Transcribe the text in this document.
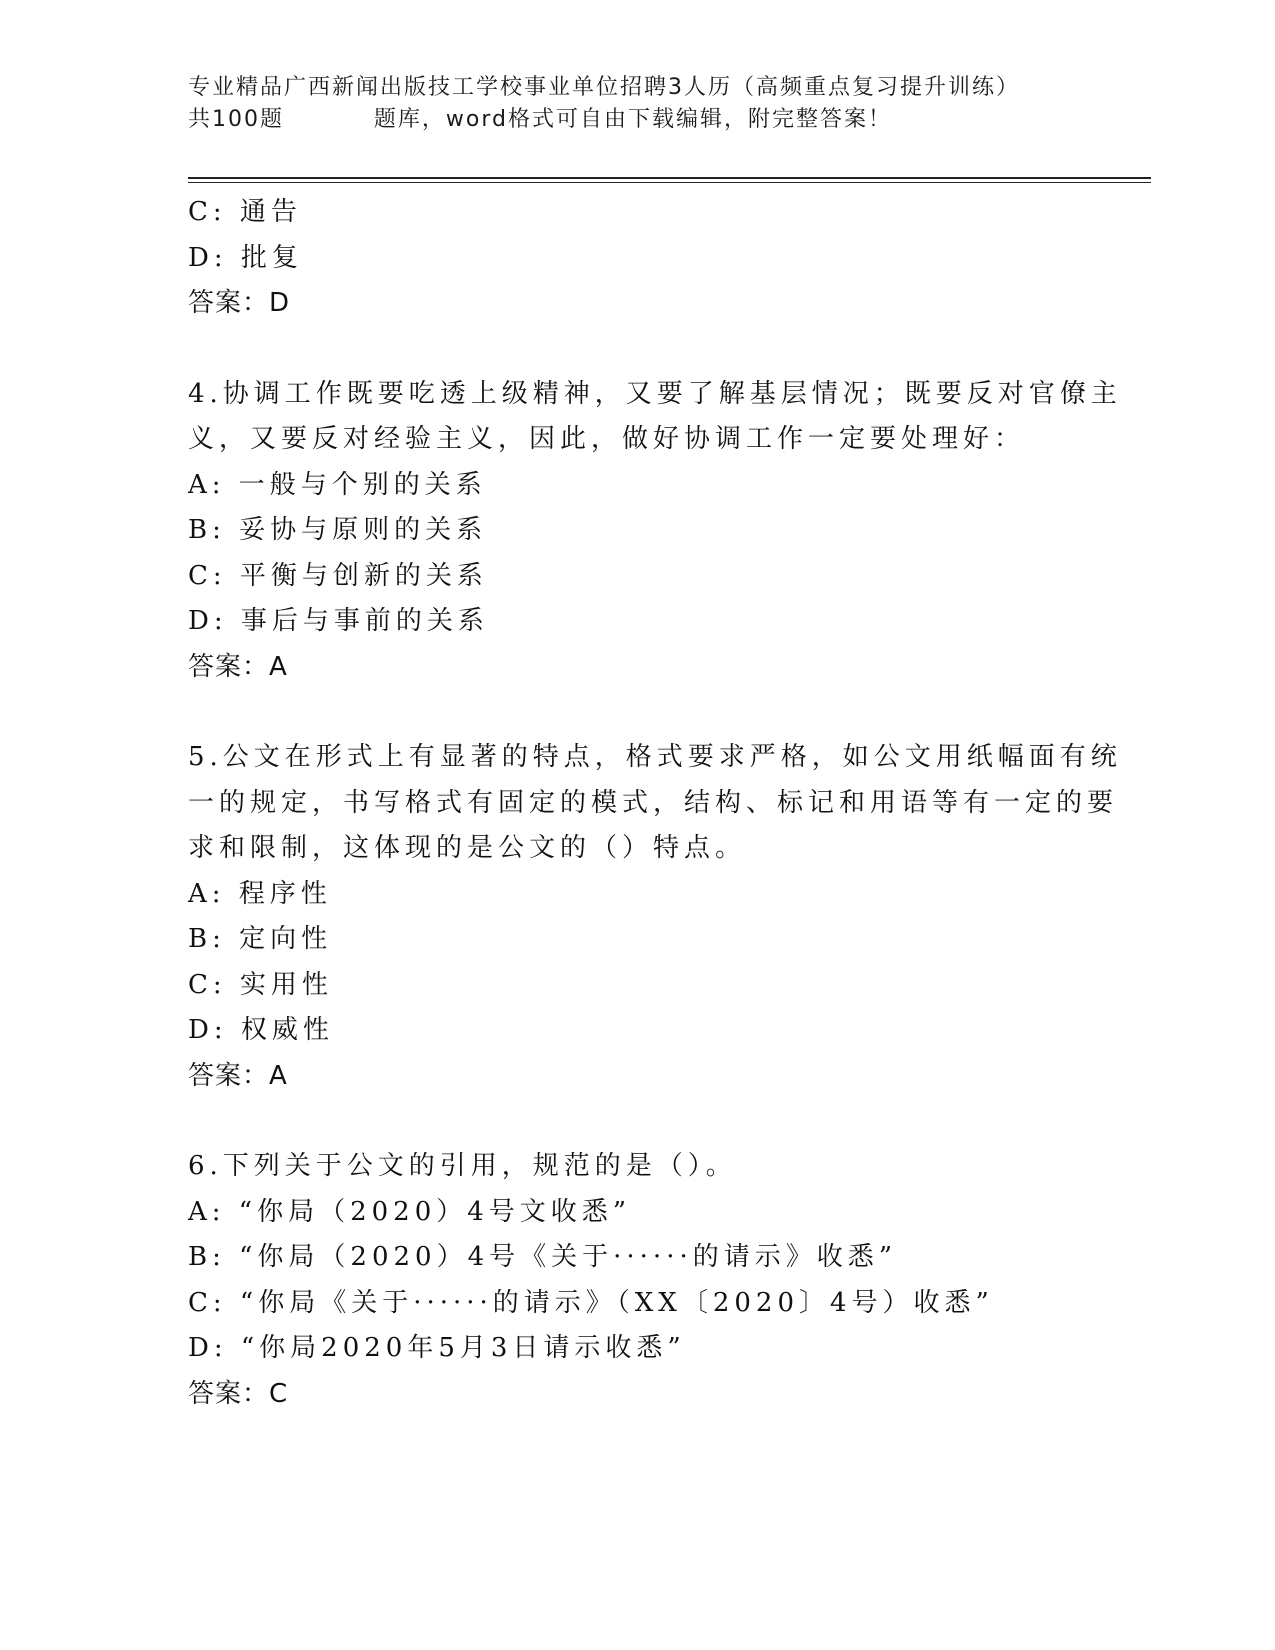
专业精品广西新闻出版技工学校事业单位招聘3人历（高频重点复习提升训练）
共100题          题库，word格式可自由下载编辑，附完整答案！
C: 通告
D: 批复
答案：D
4.协调工作既要吃透上级精神，又要了解基层情况；既要反对官僚主
义，又要反对经验主义，因此，做好协调工作一定要处理好：
A: 一般与个别的关系
B: 妥协与原则的关系
C: 平衡与创新的关系
D: 事后与事前的关系
答案：A
5.公文在形式上有显著的特点，格式要求严格，如公文用纸幅面有统
一的规定，书写格式有固定的模式，结构、标记和用语等有一定的要
求和限制，这体现的是公文的（）特点。
A: 程序性
B: 定向性
C: 实用性
D: 权威性
答案：A
6.下列关于公文的引用，规范的是（）。
A: “你局（2020）4号文收悉”
B: “你局（2020）4号《关于······的请示》收悉”
C: “你局《关于······的请示》（XX〔2020〕4号）收悉”
D: “你局2020年5月3日请示收悉”
答案：C
